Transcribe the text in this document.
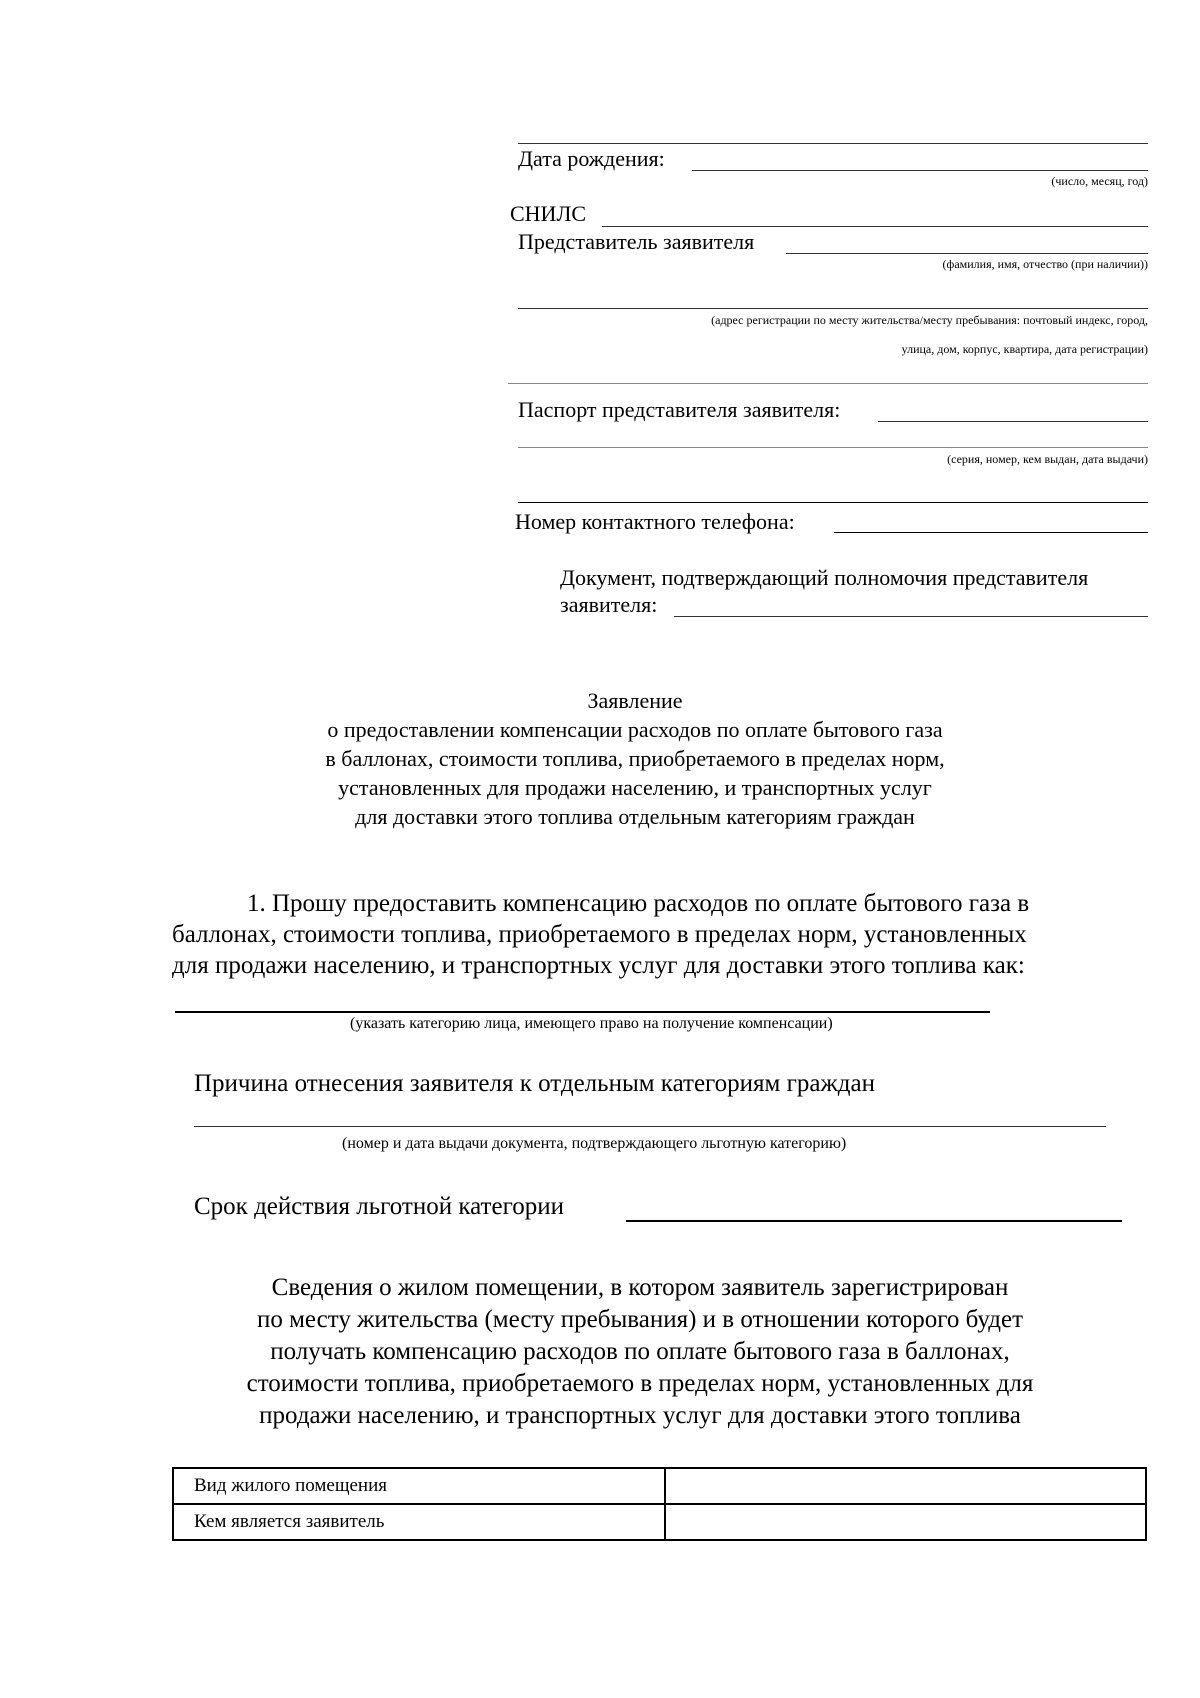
Дата рождения:
(число, месяц, год)
СНИЛС
Представитель заявителя
(фамилия, имя, отчество (при наличии))
(адрес регистрации по месту жительства/месту пребывания: почтовый индекс, город,
улица, дом, корпус, квартира, дата регистрации)
Паспорт представителя заявителя:
(серия, номер, кем выдан, дата выдачи)
Номер контактного телефона:
Документ, подтверждающий полномочия представителя
заявителя:
Заявление
о предоставлении компенсации расходов по оплате бытового газа
в баллонах, стоимости топлива, приобретаемого в пределах норм,
установленных для продажи населению, и транспортных услуг
для доставки этого топлива отдельным категориям граждан
1. Прошу предоставить компенсацию расходов по оплате бытового газа в
баллонах, стоимости топлива, приобретаемого в пределах норм, установленных
для продажи населению, и транспортных услуг для доставки этого топлива как:
(указать категорию лица, имеющего право на получение компенсации)
Причина отнесения заявителя к отдельным категориям граждан
(номер и дата выдачи документа, подтверждающего льготную категорию)
Срок действия льготной категории
Сведения о жилом помещении, в котором заявитель зарегистрирован
по месту жительства (месту пребывания) и в отношении которого будет
получать компенсацию расходов по оплате бытового газа в баллонах,
стоимости топлива, приобретаемого в пределах норм, установленных для
продажи населению, и транспортных услуг для доставки этого топлива
Вид жилого помещения	
Кем является заявитель	
